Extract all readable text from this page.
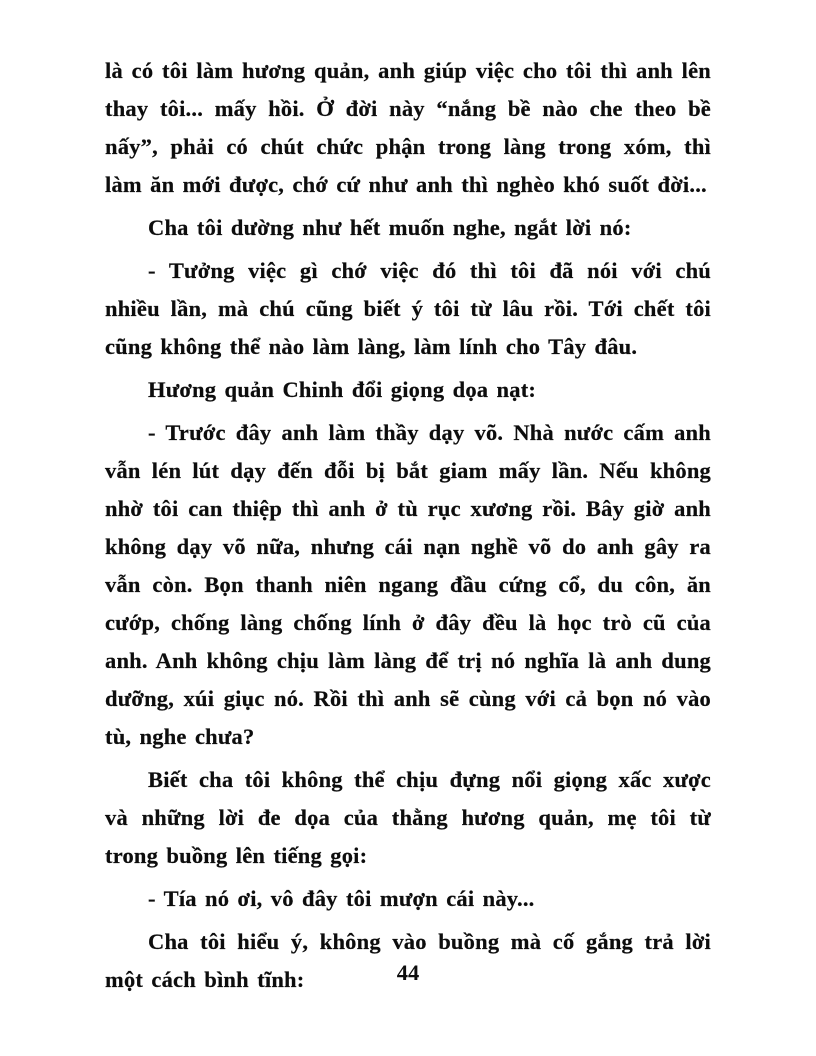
là có tôi làm hương quản, anh giúp việc cho tôi thì anh lên thay tôi... mấy hồi. Ở đời này “nắng bề nào che theo bề nấy”, phải có chút chức phận trong làng trong xóm, thì làm ăn mới được, chớ cứ như anh thì nghèo khó suốt đời...

Cha tôi dường như hết muốn nghe, ngắt lời nó:

- Tưởng việc gì chớ việc đó thì tôi đã nói với chú nhiều lần, mà chú cũng biết ý tôi từ lâu rồi. Tới chết tôi cũng không thể nào làm làng, làm lính cho Tây đâu.

Hương quản Chinh đổi giọng dọa nạt:

- Trước đây anh làm thầy dạy võ. Nhà nước cấm anh vẫn lén lút dạy đến đỗi bị bắt giam mấy lần. Nếu không nhờ tôi can thiệp thì anh ở tù rục xương rồi. Bây giờ anh không dạy võ nữa, nhưng cái nạn nghề võ do anh gây ra vẫn còn. Bọn thanh niên ngang đầu cứng cổ, du côn, ăn cướp, chống làng chống lính ở đây đều là học trò cũ của anh. Anh không chịu làm làng để trị nó nghĩa là anh dung dưỡng, xúi giục nó. Rồi thì anh sẽ cùng với cả bọn nó vào tù, nghe chưa?

Biết cha tôi không thể chịu đựng nổi giọng xấc xược và những lời đe dọa của thằng hương quản, mẹ tôi từ trong buồng lên tiếng gọi:

- Tía nó ơi, vô đây tôi mượn cái này...

Cha tôi hiểu ý, không vào buồng mà cố gắng trả lời một cách bình tĩnh:	44
